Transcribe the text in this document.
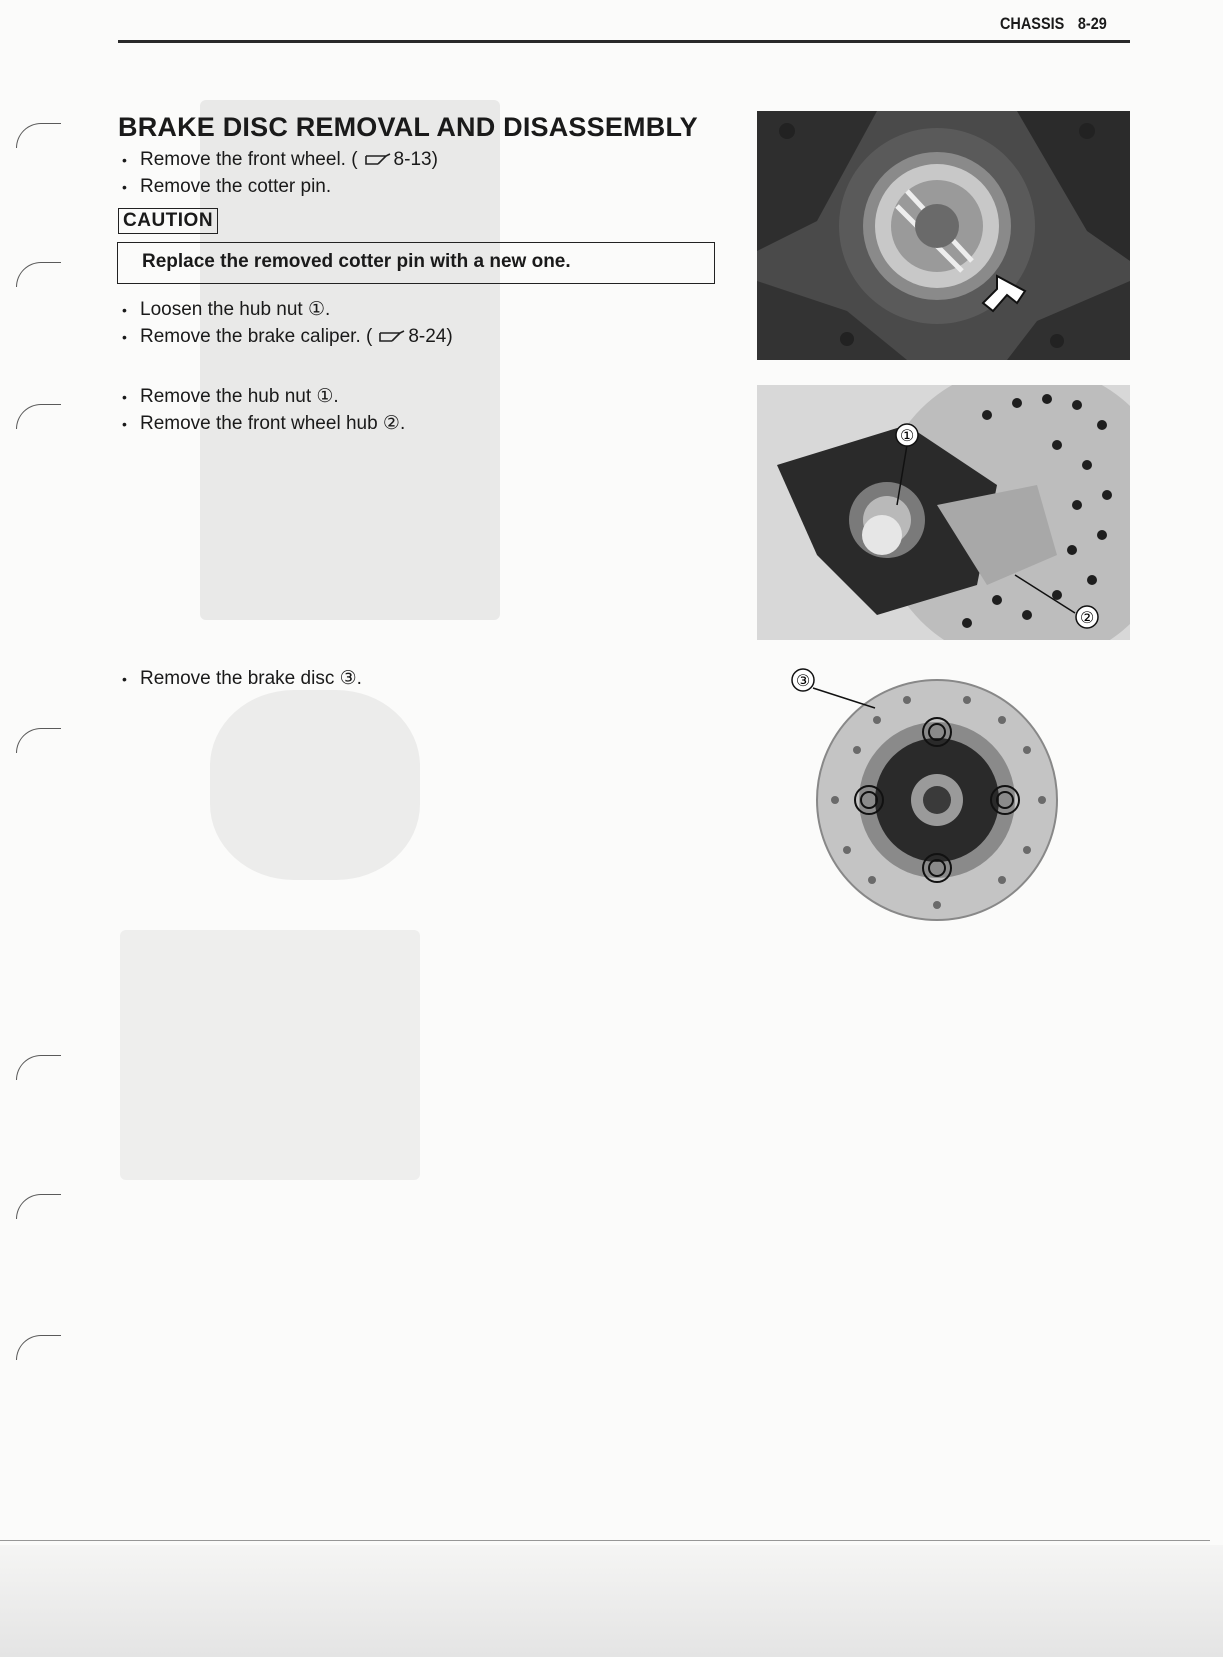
CHASSIS 8-29
BRAKE DISC REMOVAL AND DISASSEMBLY
• Remove the front wheel. ( 8-13)
• Remove the cotter pin.
CAUTION
Replace the removed cotter pin with a new one.
• Loosen the hub nut ①.
• Remove the brake caliper. ( 8-24)
• Remove the hub nut ①.
• Remove the front wheel hub ②.
• Remove the brake disc ③.
①
②
③
